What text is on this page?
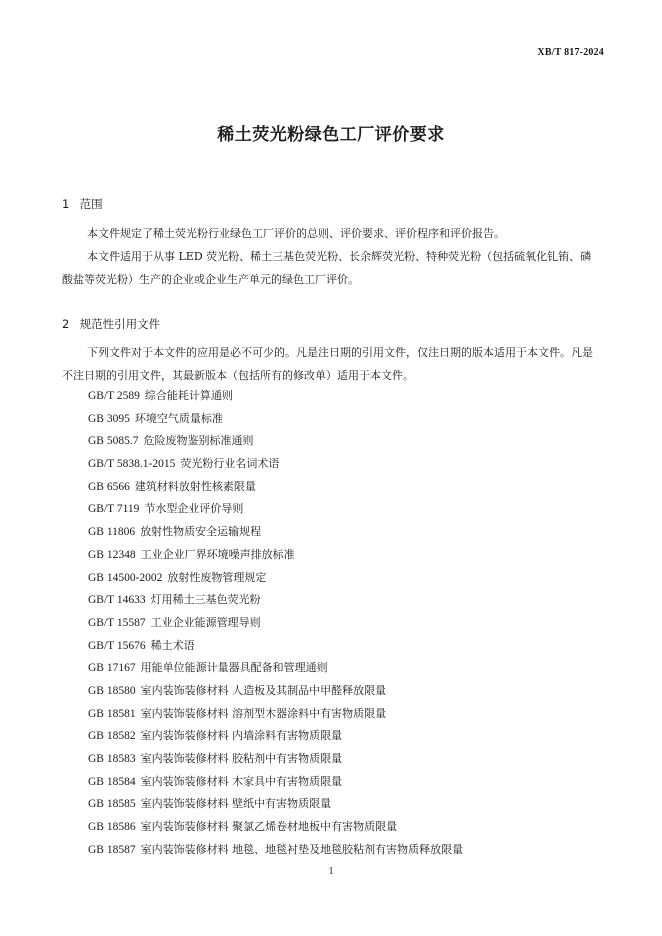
XB/T 817-2024
稀土荧光粉绿色工厂评价要求
1 范围
本文件规定了稀土荧光粉行业绿色工厂评价的总则、评价要求、评价程序和评价报告。
本文件适用于从事 LED 荧光粉、稀土三基色荧光粉、长余辉荧光粉、特种荧光粉（包括硫氧化钆铕、磷酸盐等荧光粉）生产的企业或企业生产单元的绿色工厂评价。
2 规范性引用文件
下列文件对于本文件的应用是必不可少的。凡是注日期的引用文件，仅注日期的版本适用于本文件。凡是不注日期的引用文件，其最新版本（包括所有的修改单）适用于本文件。
GB/T 2589 综合能耗计算通则
GB 3095 环境空气质量标准
GB 5085.7 危险废物鉴别标准通则
GB/T 5838.1-2015 荧光粉行业名词术语
GB 6566 建筑材料放射性核素限量
GB/T 7119 节水型企业评价导则
GB 11806 放射性物质安全运输规程
GB 12348 工业企业厂界环境噪声排放标准
GB 14500-2002 放射性废物管理规定
GB/T 14633 灯用稀土三基色荧光粉
GB/T 15587 工业企业能源管理导则
GB/T 15676 稀土术语
GB 17167 用能单位能源计量器具配备和管理通则
GB 18580 室内装饰装修材料 人造板及其制品中甲醛释放限量
GB 18581 室内装饰装修材料 溶剂型木器涂料中有害物质限量
GB 18582 室内装饰装修材料 内墙涂料有害物质限量
GB 18583 室内装饰装修材料 胶粘剂中有害物质限量
GB 18584 室内装饰装修材料 木家具中有害物质限量
GB 18585 室内装饰装修材料 壁纸中有害物质限量
GB 18586 室内装饰装修材料 聚氯乙烯卷材地板中有害物质限量
GB 18587 室内装饰装修材料 地毯、地毯衬垫及地毯胶粘剂有害物质释放限量
1
